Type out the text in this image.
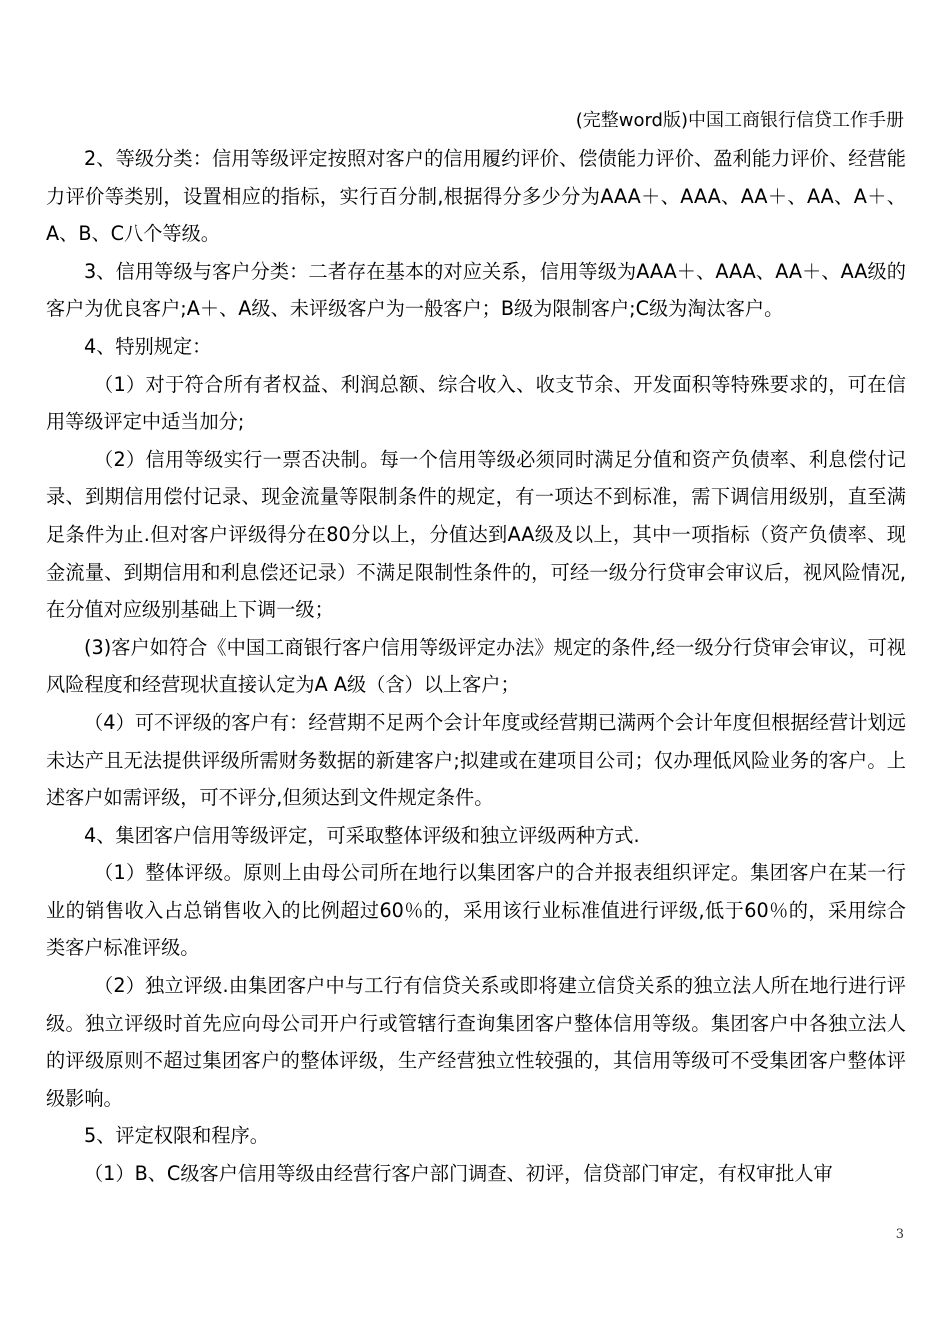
(完整word版)中国工商银行信贷工作手册

2、等级分类：信用等级评定按照对客户的信用履约评价、偿债能力评价、盈利能力评价、经营能力评价等类别，设置相应的指标，实行百分制,根据得分多少分为AAA＋、AAA、AA＋、AA、A＋、A、B、C八个等级。

3、信用等级与客户分类：二者存在基本的对应关系，信用等级为AAA＋、AAA、AA＋、AA级的客户为优良客户;A＋、A级、未评级客户为一般客户；B级为限制客户;C级为淘汰客户。

4、特别规定：

（1）对于符合所有者权益、利润总额、综合收入、收支节余、开发面积等特殊要求的，可在信用等级评定中适当加分;

（2）信用等级实行一票否决制。每一个信用等级必须同时满足分值和资产负债率、利息偿付记录、到期信用偿付记录、现金流量等限制条件的规定，有一项达不到标准，需下调信用级别，直至满足条件为止.但对客户评级得分在80分以上，分值达到AA级及以上，其中一项指标（资产负债率、现金流量、到期信用和利息偿还记录）不满足限制性条件的，可经一级分行贷审会审议后，视风险情况,在分值对应级别基础上下调一级；

(3)客户如符合《中国工商银行客户信用等级评定办法》规定的条件,经一级分行贷审会审议，可视风险程度和经营现状直接认定为A A级（含）以上客户；

（4）可不评级的客户有：经营期不足两个会计年度或经营期已满两个会计年度但根据经营计划远未达产且无法提供评级所需财务数据的新建客户;拟建或在建项目公司；仅办理低风险业务的客户。上述客户如需评级，可不评分,但须达到文件规定条件。

4、集团客户信用等级评定，可采取整体评级和独立评级两种方式.

（1）整体评级。原则上由母公司所在地行以集团客户的合并报表组织评定。集团客户在某一行业的销售收入占总销售收入的比例超过60％的，采用该行业标准值进行评级,低于60％的，采用综合类客户标准评级。

（2）独立评级.由集团客户中与工行有信贷关系或即将建立信贷关系的独立法人所在地行进行评级。独立评级时首先应向母公司开户行或管辖行查询集团客户整体信用等级。集团客户中各独立法人的评级原则不超过集团客户的整体评级，生产经营独立性较强的，其信用等级可不受集团客户整体评级影响。

5、评定权限和程序。

（1）B、C级客户信用等级由经营行客户部门调查、初评，信贷部门审定，有权审批人审

3
